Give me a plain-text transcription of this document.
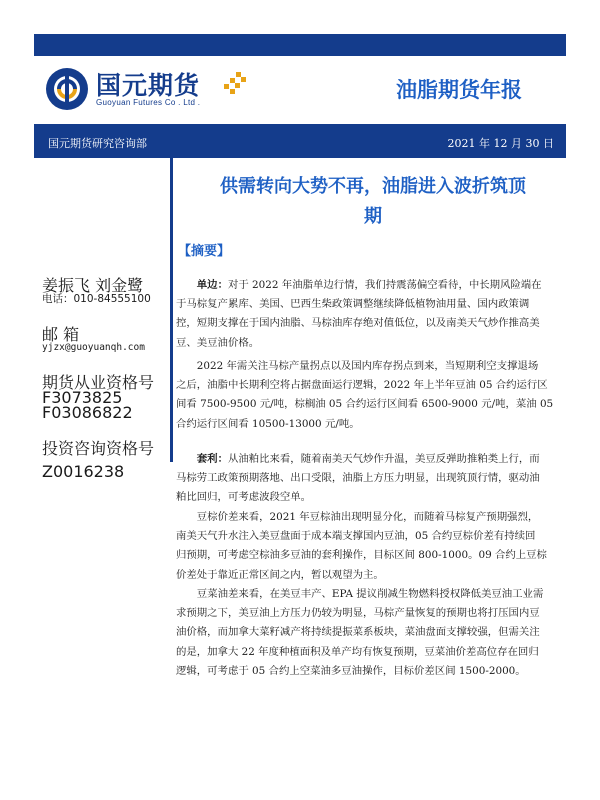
国元期货
Guoyuan Futures Co . Ltd .
油脂期货年报
国元期货研究咨询部	2021 年 12 月 30 日
供需转向大势不再，油脂进入波折筑顶
期
【摘要】
姜振飞 刘金鹭
电话：010-84555100
邮 箱
yjzx@guoyuanqh.com
期货从业资格号
F3073825
F03086822
投资咨询资格号
Z0016238

单边：对于 2022 年油脂单边行情，我们持震荡偏空看待，中长期风险端在

于马棕复产累库、美国、巴西生柴政策调整继续降低植物油用量、国内政策调

控，短期支撑在于国内油脂、马棕油库存绝对值低位，以及南美天气炒作推高美

豆、美豆油价格。

2022 年需关注马棕产量拐点以及国内库存拐点到来，当短期利空支撑退场

之后，油脂中长期利空将占据盘面运行逻辑，2022 年上半年豆油 05 合约运行区

间看 7500-9500 元/吨，棕榈油 05 合约运行区间看 6500-9000 元/吨，菜油 05

合约运行区间看 10500-13000 元/吨。

套利：从油粕比来看，随着南美天气炒作升温，美豆反弹助推粕类上行，而

马棕劳工政策预期落地、出口受限，油脂上方压力明显，出现筑顶行情，驱动油

粕比回归，可考虑波段空单。

豆棕价差来看，2021 年豆棕油出现明显分化，而随着马棕复产预期强烈，

南美天气升水注入美豆盘面于成本端支撑国内豆油，05 合约豆棕价差有持续回

归预期，可考虑空棕油多豆油的套利操作，目标区间 800-1000。09 合约上豆棕

价差处于靠近正常区间之内，暂以观望为主。

豆菜油差来看，在美豆丰产、EPA 提议削减生物燃料授权降低美豆油工业需

求预期之下，美豆油上方压力仍较为明显，马棕产量恢复的预期也将打压国内豆

油价格，而加拿大菜籽减产将持续提振菜系板块，菜油盘面支撑较强，但需关注

的是，加拿大 22 年度种植面积及单产均有恢复预期，豆菜油价差高位存在回归

逻辑，可考虑于 05 合约上空菜油多豆油操作，目标价差区间 1500-2000。
